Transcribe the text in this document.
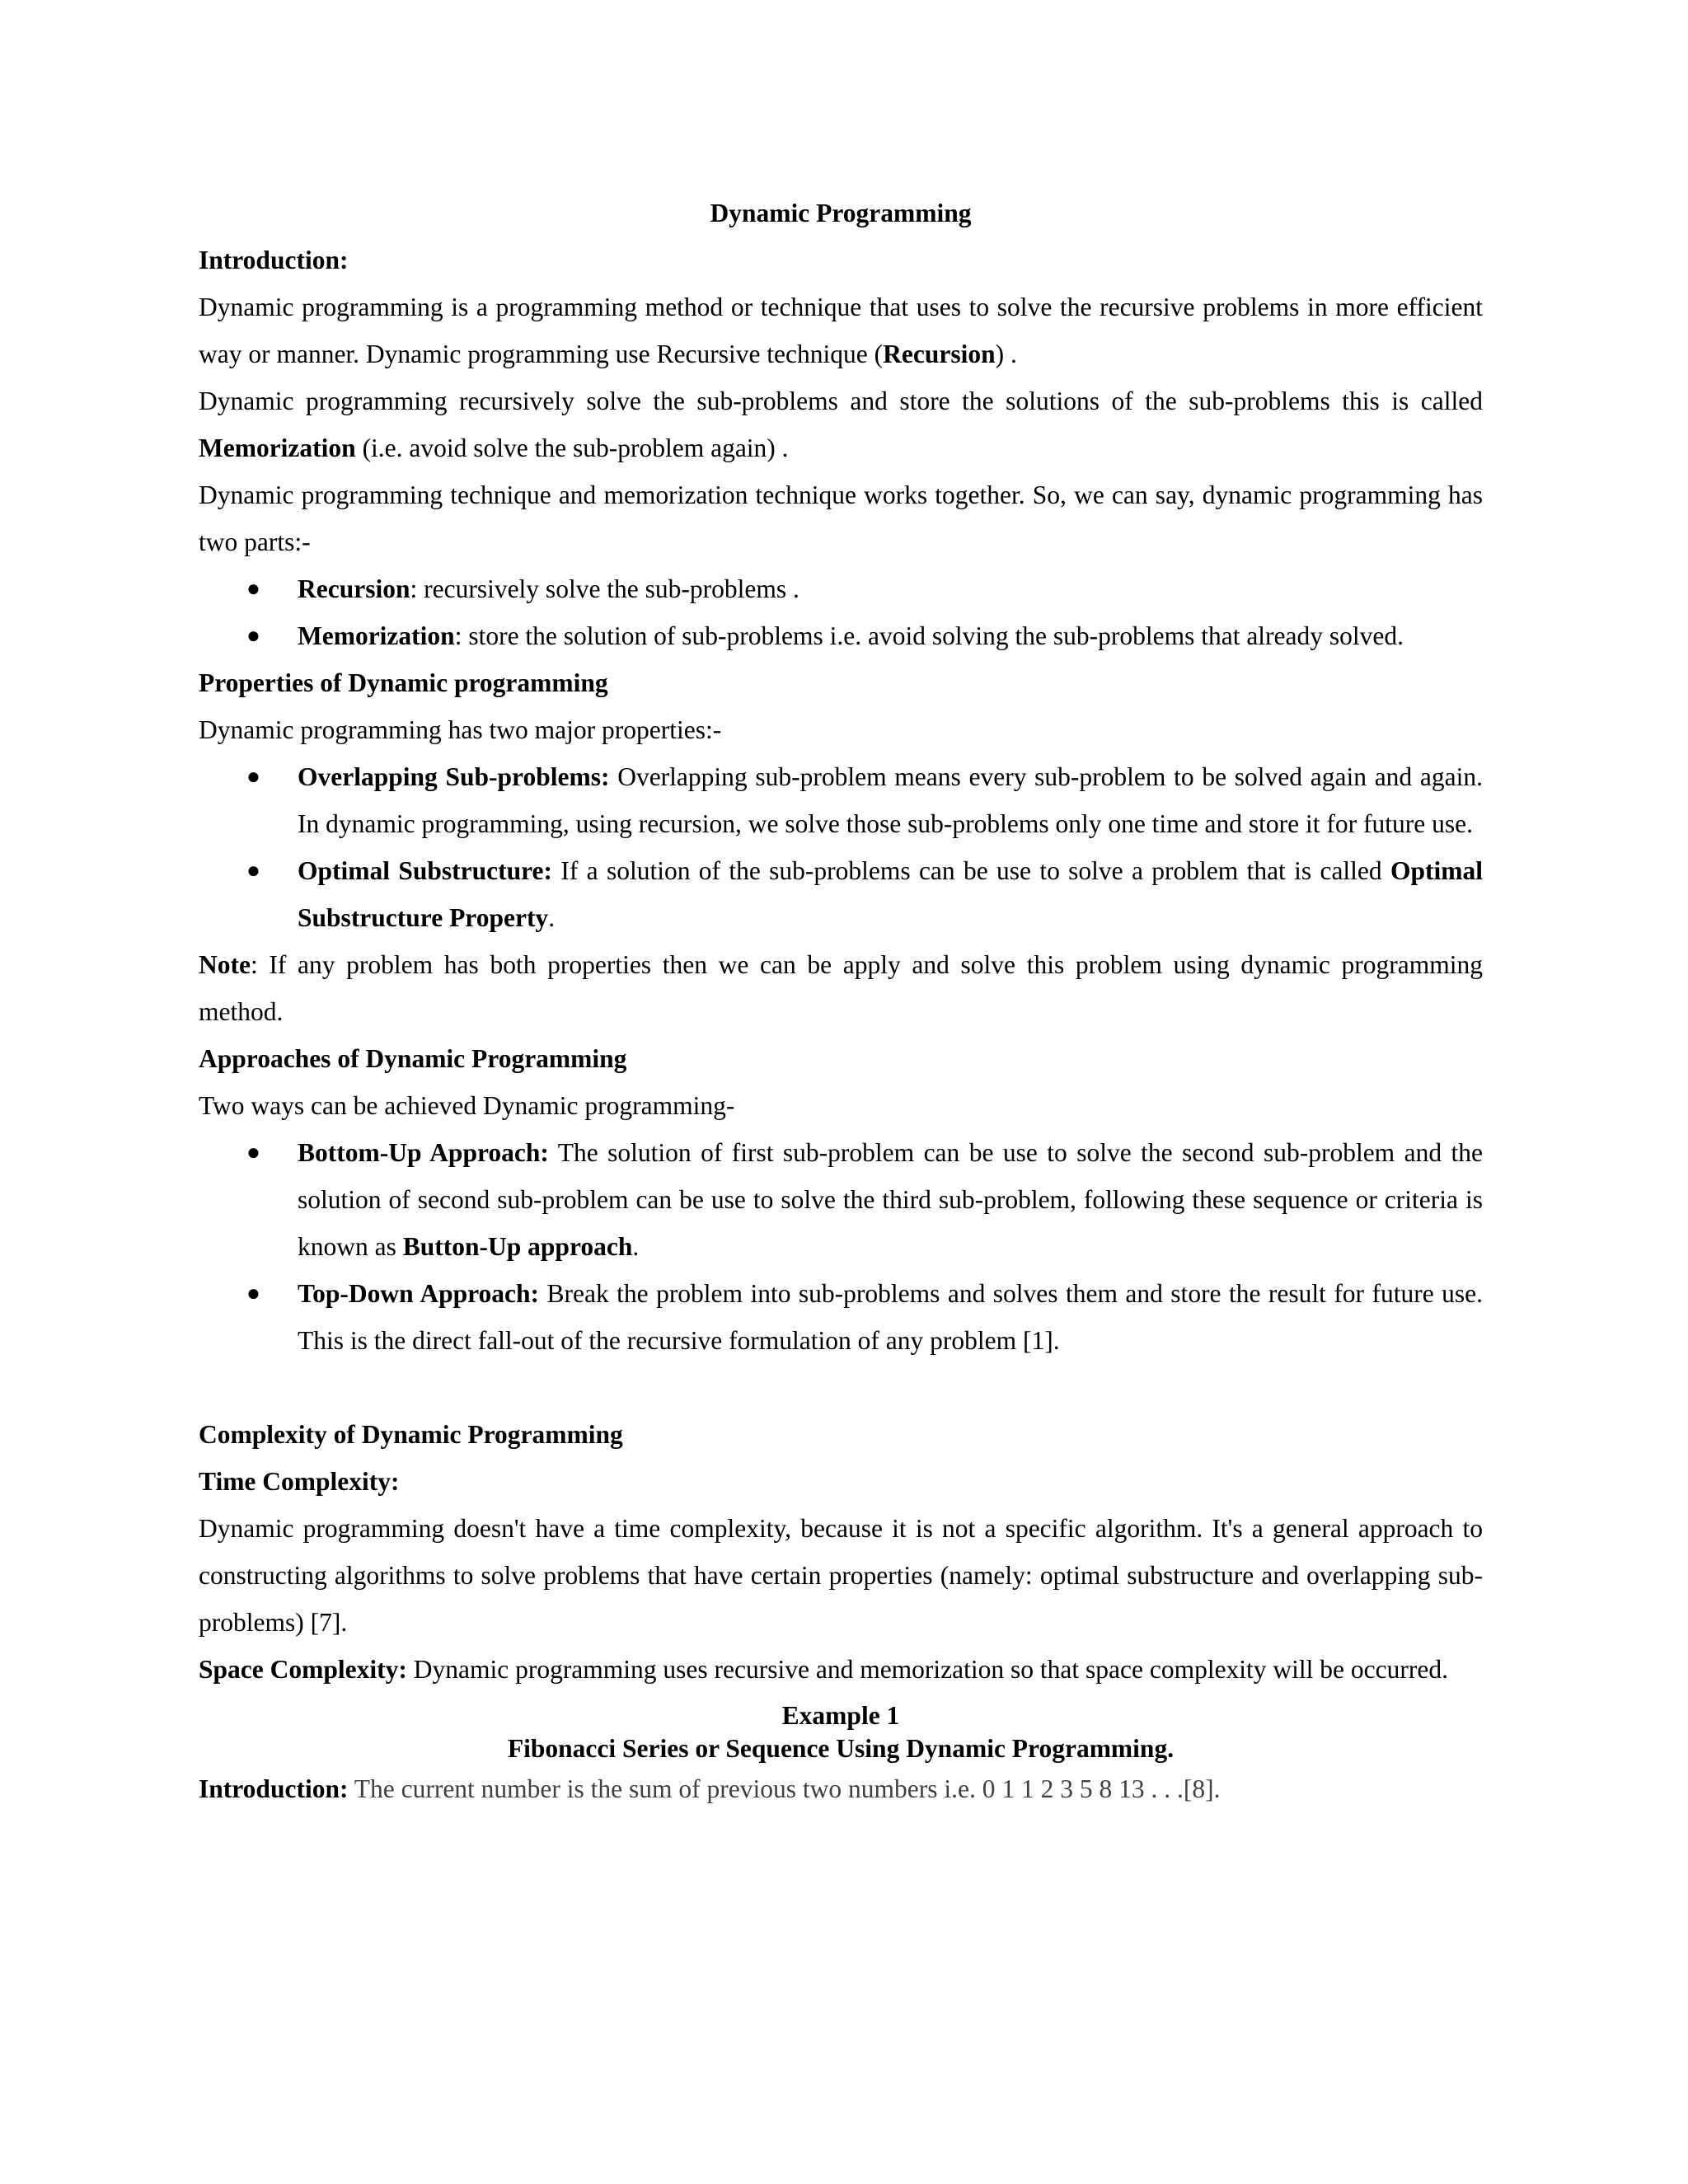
Dynamic Programming
Introduction:

Dynamic programming is a programming method or technique that uses to solve the recursive problems in more efficient way or manner. Dynamic programming use Recursive technique (Recursion) .

Dynamic programming recursively solve the sub-problems and store the solutions of the sub-problems this is called Memorization (i.e. avoid solve the sub-problem again) .

Dynamic programming technique and memorization technique works together. So, we can say, dynamic programming has two parts:-

● Recursion: recursively solve the sub-problems .
● Memorization: store the solution of sub-problems i.e. avoid solving the sub-problems that already solved.
Properties of Dynamic programming

Dynamic programming has two major properties:-

● Overlapping Sub-problems: Overlapping sub-problem means every sub-problem to be solved again and again. In dynamic programming, using recursion, we solve those sub-problems only one time and store it for future use.
● Optimal Substructure: If a solution of the sub-problems can be use to solve a problem that is called Optimal Substructure Property.

Note: If any problem has both properties then we can be apply and solve this problem using dynamic programming method.

Approaches of Dynamic Programming

Two ways can be achieved Dynamic programming-

● Bottom-Up Approach: The solution of first sub-problem can be use to solve the second sub-problem and the solution of second sub-problem can be use to solve the third sub-problem, following these sequence or criteria is known as Button-Up approach.
● Top-Down Approach: Break the problem into sub-problems and solves them and store the result for future use. This is the direct fall-out of the recursive formulation of any problem [1].
Complexity of Dynamic Programming
Time Complexity:

Dynamic programming doesn't have a time complexity, because it is not a specific algorithm. It's a general approach to constructing algorithms to solve problems that have certain properties (namely: optimal substructure and overlapping sub-problems) [7].

Space Complexity: Dynamic programming uses recursive and memorization so that space complexity will be occurred.

Example 1

Fibonacci Series or Sequence Using Dynamic Programming.

Introduction: The current number is the sum of previous two numbers i.e. 0 1 1 2 3 5 8 13 . . .[8].
